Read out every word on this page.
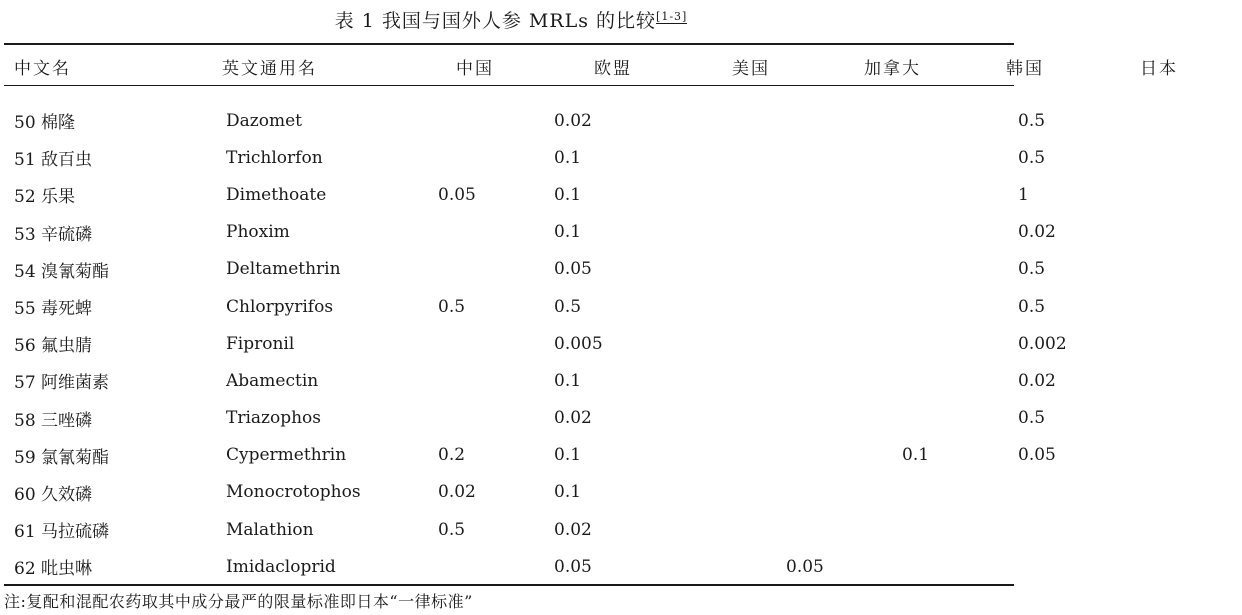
表 1 我国与国外人参 MRLs 的比较[1-3]
中文名	英文通用名	中国	欧盟	美国	加拿大	韩国	日本
50 棉隆	Dazomet		0.02				0.5
51 敌百虫	Trichlorfon		0.1				0.5
52 乐果	Dimethoate	0.05	0.1				1
53 辛硫磷	Phoxim		0.1				0.02
54 溴氰菊酯	Deltamethrin		0.05				0.5
55 毒死蜱	Chlorpyrifos	0.5	0.5				0.5
56 氟虫腈	Fipronil		0.005				0.002
57 阿维菌素	Abamectin		0.1				0.02
58 三唑磷	Triazophos		0.02				0.5
59 氯氰菊酯	Cypermethrin	0.2	0.1			0.1	0.05
60 久效磷	Monocrotophos	0.02	0.1				
61 马拉硫磷	Malathion	0.5	0.02				
62 吡虫啉	Imidacloprid		0.05		0.05		
注:复配和混配农药取其中成分最严的限量标准即日本“一律标准”
